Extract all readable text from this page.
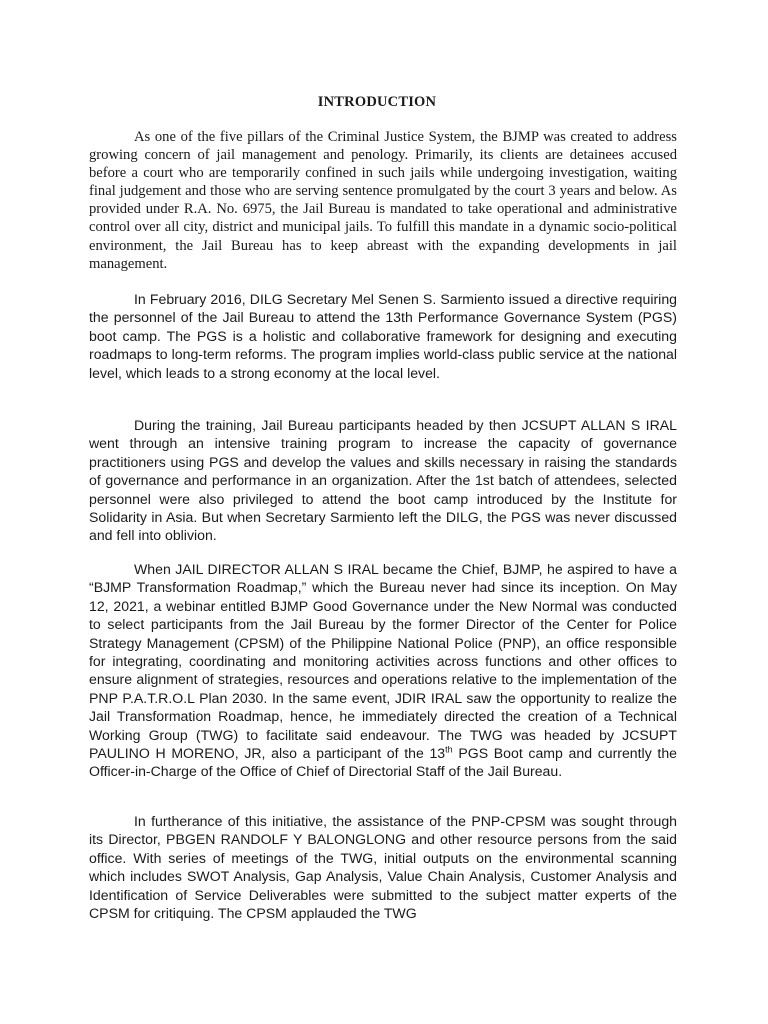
INTRODUCTION

As one of the five pillars of the Criminal Justice System, the BJMP was created to address growing concern of jail management and penology. Primarily, its clients are detainees accused before a court who are temporarily confined in such jails while undergoing investigation, waiting final judgement and those who are serving sentence promulgated by the court 3 years and below. As provided under R.A. No. 6975, the Jail Bureau is mandated to take operational and administrative control over all city, district and municipal jails. To fulfill this mandate in a dynamic socio-political environment, the Jail Bureau has to keep abreast with the expanding developments in jail management.

In February 2016, DILG Secretary Mel Senen S. Sarmiento issued a directive requiring the personnel of the Jail Bureau to attend the 13th Performance Governance System (PGS) boot camp. The PGS is a holistic and collaborative framework for designing and executing roadmaps to long-term reforms. The program implies world-class public service at the national level, which leads to a strong economy at the local level.

During the training, Jail Bureau participants headed by then JCSUPT ALLAN S IRAL went through an intensive training program to increase the capacity of governance practitioners using PGS and develop the values and skills necessary in raising the standards of governance and performance in an organization. After the 1st batch of attendees, selected personnel were also privileged to attend the boot camp introduced by the Institute for Solidarity in Asia. But when Secretary Sarmiento left the DILG, the PGS was never discussed and fell into oblivion.

When JAIL DIRECTOR ALLAN S IRAL became the Chief, BJMP, he aspired to have a “BJMP Transformation Roadmap,” which the Bureau never had since its inception. On May 12, 2021, a webinar entitled BJMP Good Governance under the New Normal was conducted to select participants from the Jail Bureau by the former Director of the Center for Police Strategy Management (CPSM) of the Philippine National Police (PNP), an office responsible for integrating, coordinating and monitoring activities across functions and other offices to ensure alignment of strategies, resources and operations relative to the implementation of the PNP P.A.T.R.O.L Plan 2030. In the same event, JDIR IRAL saw the opportunity to realize the Jail Transformation Roadmap, hence, he immediately directed the creation of a Technical Working Group (TWG) to facilitate said endeavour. The TWG was headed by JCSUPT PAULINO H MORENO, JR, also a participant of the 13th PGS Boot camp and currently the Officer-in-Charge of the Office of Chief of Directorial Staff of the Jail Bureau.

In furtherance of this initiative, the assistance of the PNP-CPSM was sought through its Director, PBGEN RANDOLF Y BALONGLONG and other resource persons from the said office. With series of meetings of the TWG, initial outputs on the environmental scanning which includes SWOT Analysis, Gap Analysis, Value Chain Analysis, Customer Analysis and Identification of Service Deliverables were submitted to the subject matter experts of the CPSM for critiquing. The CPSM applauded the TWG
